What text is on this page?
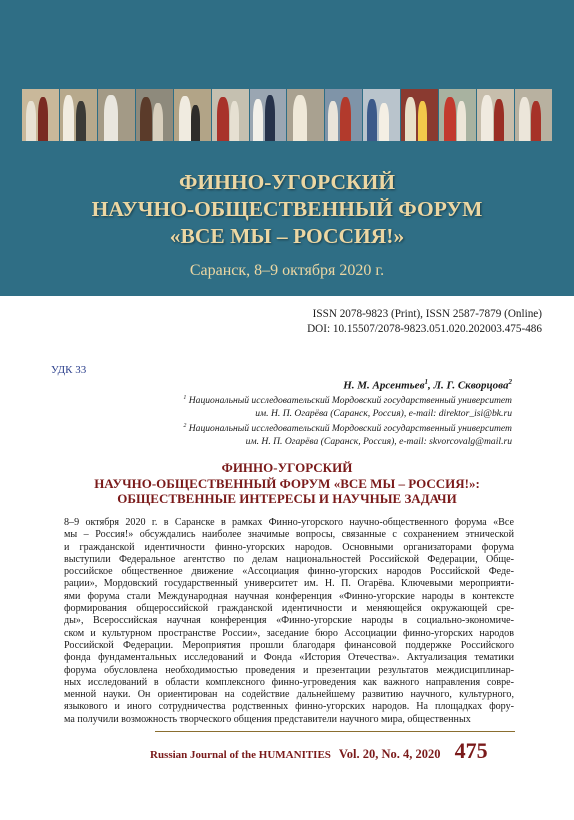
ФИННО-УГОРСКИЙ
НАУЧНО-ОБЩЕСТВЕННЫЙ ФОРУМ
«ВСЕ МЫ – РОССИЯ!»
Саранск, 8–9 октября 2020 г.
ISSN 2078-9823 (Print), ISSN 2587-7879 (Online)
DOI: 10.15507/2078-9823.051.020.202003.475-486
УДК 33
Н. М. Арсентьев$^1$, Л. Г. Скворцова$^2$
$^1$ Национальный исследовательский Мордовский государственный университет
им. Н. П. Огарёва (Саранск, Россия), e-mail: direktor_isi@bk.ru
$^2$ Национальный исследовательский Мордовский государственный университет
им. Н. П. Огарёва (Саранск, Россия), e-mail: skvorcovalg@mail.ru
ФИННО-УГОРСКИЙ
НАУЧНО-ОБЩЕСТВЕННЫЙ ФОРУМ «ВСЕ МЫ – РОССИЯ!»:
ОБЩЕСТВЕННЫЕ ИНТЕРЕСЫ И НАУЧНЫЕ ЗАДАЧИ
8–9 октября 2020 г. в Саранске в рамках Финно-угорского научно-общественного форума «Все
мы – Россия!» обсуждались наиболее значимые вопросы, связанные с сохранением этнической
и гражданской идентичности финно-угорских народов. Основными организаторами форума
выступили Федеральное агентство по делам национальностей Российской Федерации, Обще-
российское общественное движение «Ассоциация финно-угорских народов Российской Феде-
рации», Мордовский государственный университет им. Н. П. Огарёва. Ключевыми мероприяти-
ями форума стали Международная научная конференция «Финно-угорские народы в контексте
формирования общероссийской гражданской идентичности и меняющейся окружающей сре-
ды», Всероссийская научная конференция «Финно-угорские народы в социально-экономиче-
ском и культурном пространстве России», заседание бюро Ассоциации финно-угорских народов
Российской Федерации. Мероприятия прошли благодаря финансовой поддержке Российского
фонда фундаментальных исследований и Фонда «История Отечества». Актуализация тематики
форума обусловлена необходимостью проведения и презентации результатов междисциплинар-
ных исследований в области комплексного финно-угроведения как важного направления совре-
менной науки. Он ориентирован на содействие дальнейшему развитию научного, культурного,
языкового и иного сотрудничества родственных финно-угорских народов. На площадках фору-
ма получили возможность творческого общения представители научного мира, общественных
Russian Journal of the HUMANITIES Vol. 20, No. 4, 2020 475
